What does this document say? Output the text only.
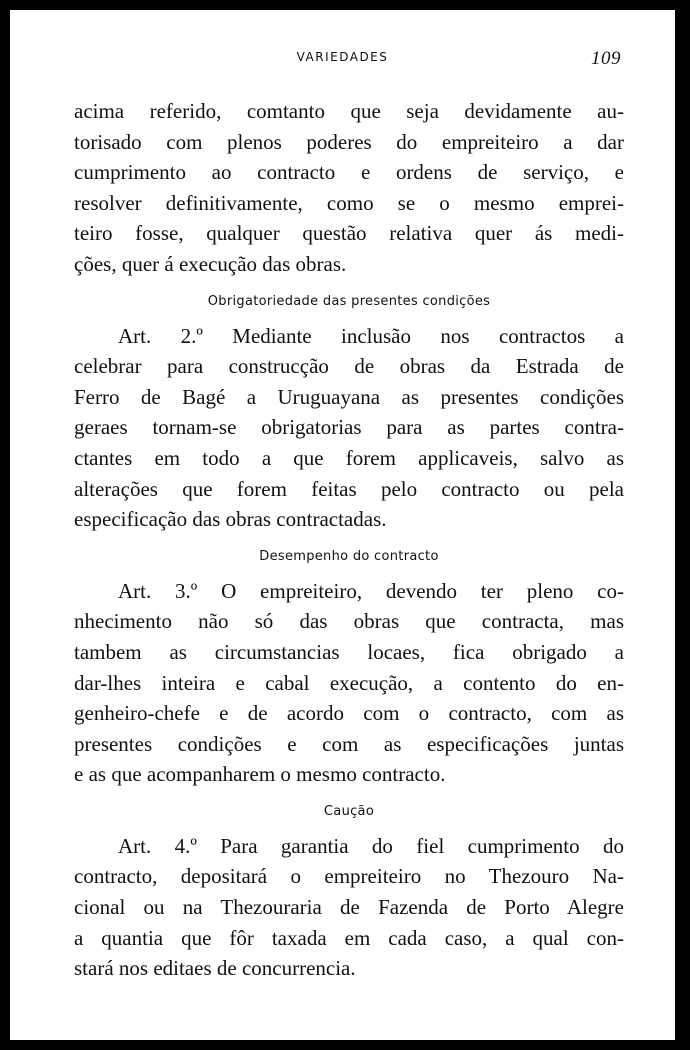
VARIEDADES	109
acima referido, comtanto que seja devidamente au-
torisado com plenos poderes do empreiteiro a dar
cumprimento ao contracto e ordens de serviço, e
resolver definitivamente, como se o mesmo emprei-
teiro fosse, qualquer questão relativa quer ás medi-
ções, quer á execução das obras.
Obrigatoriedade das presentes condições
Art. 2.º Mediante inclusão nos contractos a
celebrar para construcção de obras da Estrada de
Ferro de Bagé a Uruguayana as presentes condições
geraes tornam-se obrigatorias para as partes contra-
ctantes em todo a que forem applicaveis, salvo as
alterações que forem feitas pelo contracto ou pela
especificação das obras contractadas.
Desempenho do contracto
Art. 3.º O empreiteiro, devendo ter pleno co-
nhecimento não só das obras que contracta, mas
tambem as circumstancias locaes, fica obrigado a
dar-lhes inteira e cabal execução, a contento do en-
genheiro-chefe e de acordo com o contracto, com as
presentes condições e com as especificações juntas
e as que acompanharem o mesmo contracto.
Caução
Art. 4.º Para garantia do fiel cumprimento do
contracto, depositará o empreiteiro no Thezouro Na-
cional ou na Thezouraria de Fazenda de Porto Alegre
a quantia que fôr taxada em cada caso, a qual con-
stará nos editaes de concurrencia.
